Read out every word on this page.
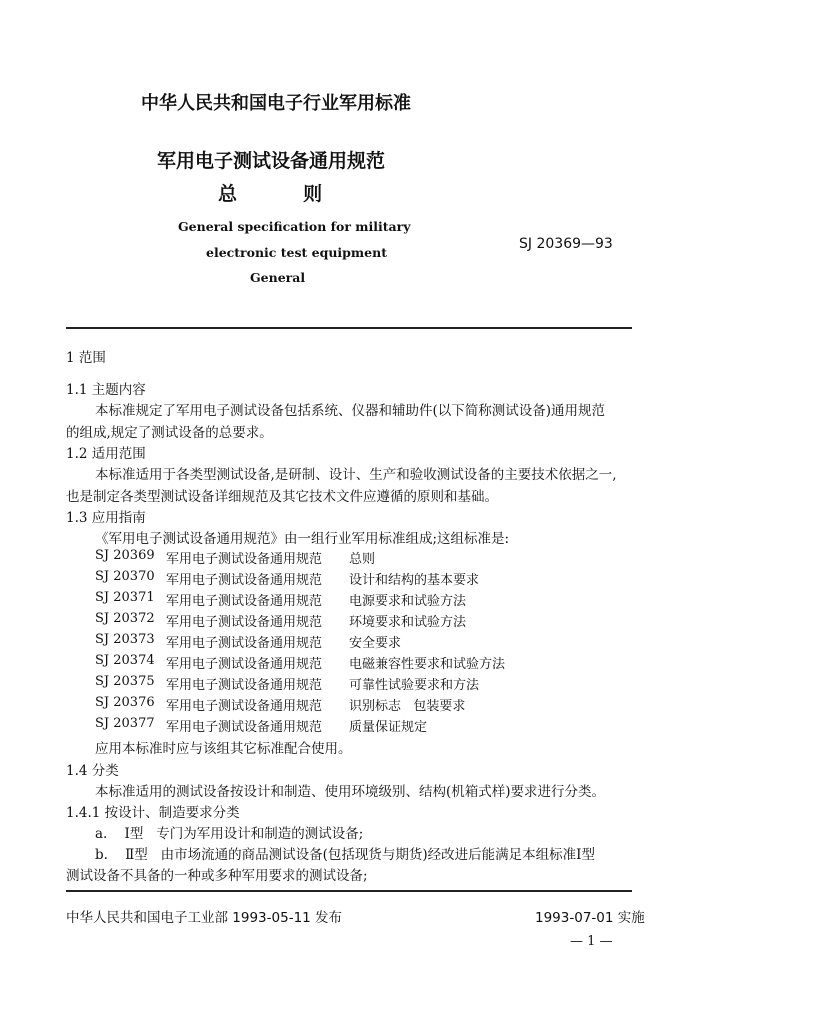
中华人民共和国电子行业军用标准
军用电子测试设备通用规范
总          则
General specification for military
electronic test equipment
General
SJ 20369—93
1 范围
1.1 主题内容
本标准规定了军用电子测试设备包括系统、仪器和辅助件(以下简称测试设备)通用规范
的组成,规定了测试设备的总要求。
1.2 适用范围
本标准适用于各类型测试设备,是研制、设计、生产和验收测试设备的主要技术依据之一,
也是制定各类型测试设备详细规范及其它技术文件应遵循的原则和基础。
1.3 应用指南
《军用电子测试设备通用规范》由一组行业军用标准组成;这组标准是:
SJ 20369 军用电子测试设备通用规范 总则
SJ 20370 军用电子测试设备通用规范 设计和结构的基本要求
SJ 20371 军用电子测试设备通用规范 电源要求和试验方法
SJ 20372 军用电子测试设备通用规范 环境要求和试验方法
SJ 20373 军用电子测试设备通用规范 安全要求
SJ 20374 军用电子测试设备通用规范 电磁兼容性要求和试验方法
SJ 20375 军用电子测试设备通用规范 可靠性试验要求和方法
SJ 20376 军用电子测试设备通用规范 识别标志   包装要求
SJ 20377 军用电子测试设备通用规范 质量保证规定
应用本标准时应与该组其它标准配合使用。
1.4 分类
本标准适用的测试设备按设计和制造、使用环境级别、结构(机箱式样)要求进行分类。
1.4.1 按设计、制造要求分类
a.    Ⅰ型   专门为军用设计和制造的测试设备;
b.    Ⅱ型   由市场流通的商品测试设备(包括现货与期货)经改进后能满足本组标准Ⅰ型
测试设备不具备的一种或多种军用要求的测试设备;
中华人民共和国电子工业部 1993-05-11 发布	1993-07-01 实施
— 1 —
